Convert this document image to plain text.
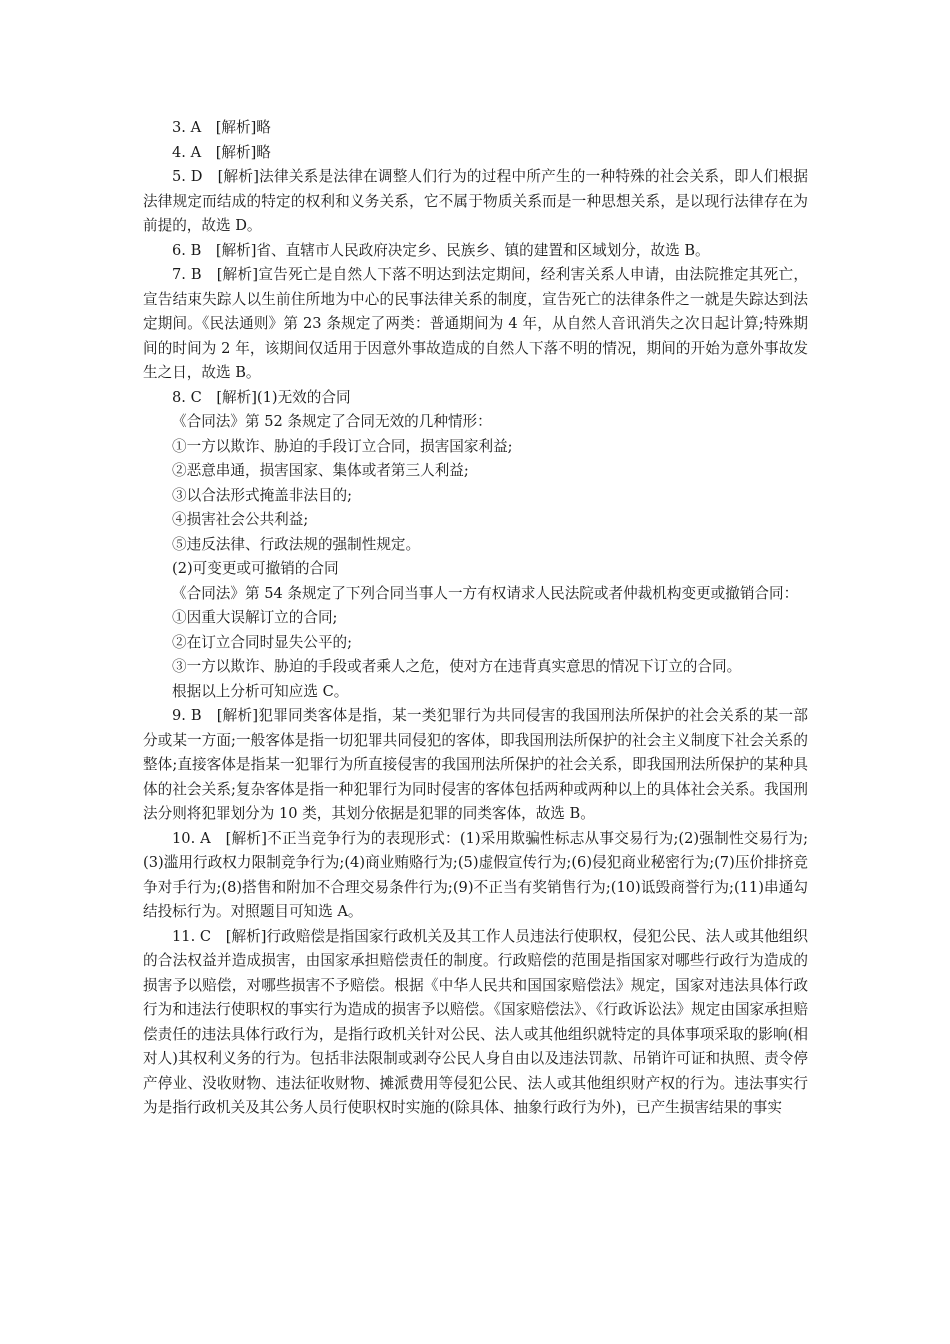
3. A　[解析]略

4. A　[解析]略

5. D　[解析]法律关系是法律在调整人们行为的过程中所产生的一种特殊的社会关系，即人们根据法律规定而结成的特定的权利和义务关系，它不属于物质关系而是一种思想关系，是以现行法律存在为前提的，故选 D。

6. B　[解析]省、直辖市人民政府决定乡、民族乡、镇的建置和区域划分，故选 B。

7. B　[解析]宣告死亡是自然人下落不明达到法定期间，经利害关系人申请，由法院推定其死亡，宣告结束失踪人以生前住所地为中心的民事法律关系的制度，宣告死亡的法律条件之一就是失踪达到法定期间。《民法通则》第 23 条规定了两类：普通期间为 4 年，从自然人音讯消失之次日起计算;特殊期间的时间为 2 年，该期间仅适用于因意外事故造成的自然人下落不明的情况，期间的开始为意外事故发生之日，故选 B。

8. C　[解析](1)无效的合同

《合同法》第 52 条规定了合同无效的几种情形：

①一方以欺诈、胁迫的手段订立合同，损害国家利益;

②恶意串通，损害国家、集体或者第三人利益;

③以合法形式掩盖非法目的;

④损害社会公共利益;

⑤违反法律、行政法规的强制性规定。

(2)可变更或可撤销的合同

《合同法》第 54 条规定了下列合同当事人一方有权请求人民法院或者仲裁机构变更或撤销合同：

①因重大误解订立的合同;

②在订立合同时显失公平的;

③一方以欺诈、胁迫的手段或者乘人之危，使对方在违背真实意思的情况下订立的合同。

根据以上分析可知应选 C。

9. B　[解析]犯罪同类客体是指，某一类犯罪行为共同侵害的我国刑法所保护的社会关系的某一部分或某一方面;一般客体是指一切犯罪共同侵犯的客体，即我国刑法所保护的社会主义制度下社会关系的整体;直接客体是指某一犯罪行为所直接侵害的我国刑法所保护的社会关系，即我国刑法所保护的某种具体的社会关系;复杂客体是指一种犯罪行为同时侵害的客体包括两种或两种以上的具体社会关系。我国刑法分则将犯罪划分为 10 类，其划分依据是犯罪的同类客体，故选 B。

10. A　[解析]不正当竞争行为的表现形式：(1)采用欺骗性标志从事交易行为;(2)强制性交易行为;(3)滥用行政权力限制竞争行为;(4)商业贿赂行为;(5)虚假宣传行为;(6)侵犯商业秘密行为;(7)压价排挤竞争对手行为;(8)搭售和附加不合理交易条件行为;(9)不正当有奖销售行为;(10)诋毁商誉行为;(11)串通勾结投标行为。对照题目可知选 A。

11. C　[解析]行政赔偿是指国家行政机关及其工作人员违法行使职权，侵犯公民、法人或其他组织的合法权益并造成损害，由国家承担赔偿责任的制度。行政赔偿的范围是指国家对哪些行政行为造成的损害予以赔偿，对哪些损害不予赔偿。根据《中华人民共和国国家赔偿法》规定，国家对违法具体行政行为和违法行使职权的事实行为造成的损害予以赔偿。《国家赔偿法》、《行政诉讼法》规定由国家承担赔偿责任的违法具体行政行为，是指行政机关针对公民、法人或其他组织就特定的具体事项采取的影响(相对人)其权利义务的行为。包括非法限制或剥夺公民人身自由以及违法罚款、吊销许可证和执照、责令停产停业、没收财物、违法征收财物、摊派费用等侵犯公民、法人或其他组织财产权的行为。违法事实行为是指行政机关及其公务人员行使职权时实施的(除具体、抽象行政行为外)，已产生损害结果的事实
